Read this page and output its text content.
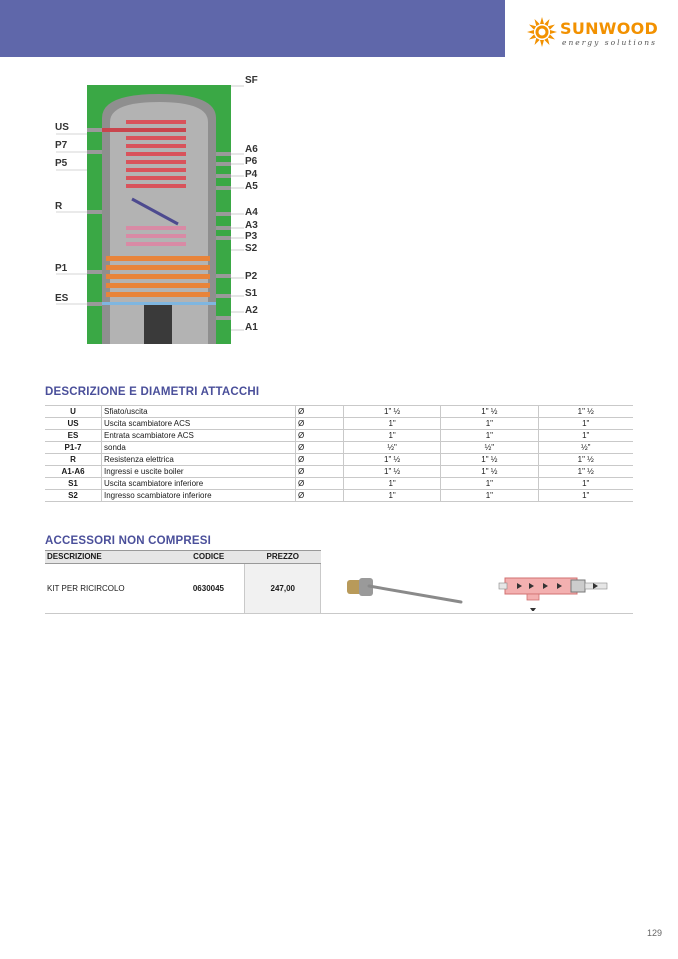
SUNWOOD
energy solutions
US
P7
P5
R
P1
ES
SF
A6
P6
P4
A5
A4
A3
P3
S2
P2
S1
A2
A1
DESCRIZIONE E DIAMETRI ATTACCHI
U	Sfiato/uscita	Ø	1" ½	1" ½	1" ½
US	Uscita scambiatore ACS	Ø	1"	1"	1"
ES	Entrata scambiatore ACS	Ø	1"	1"	1"
P1-7	sonda	Ø	½"	½"	½"
R	Resistenza elettrica	Ø	1" ½	1" ½	1" ½
A1-A6	Ingressi e uscite boiler	Ø	1" ½	1" ½	1" ½
S1	Uscita scambiatore inferiore	Ø	1"	1"	1"
S2	Ingresso scambiatore inferiore	Ø	1"	1"	1"
ACCESSORI NON COMPRESI
DESCRIZIONE	CODICE	PREZZO	
KIT PER RICIRCOLO	0630045	247,00	
129
